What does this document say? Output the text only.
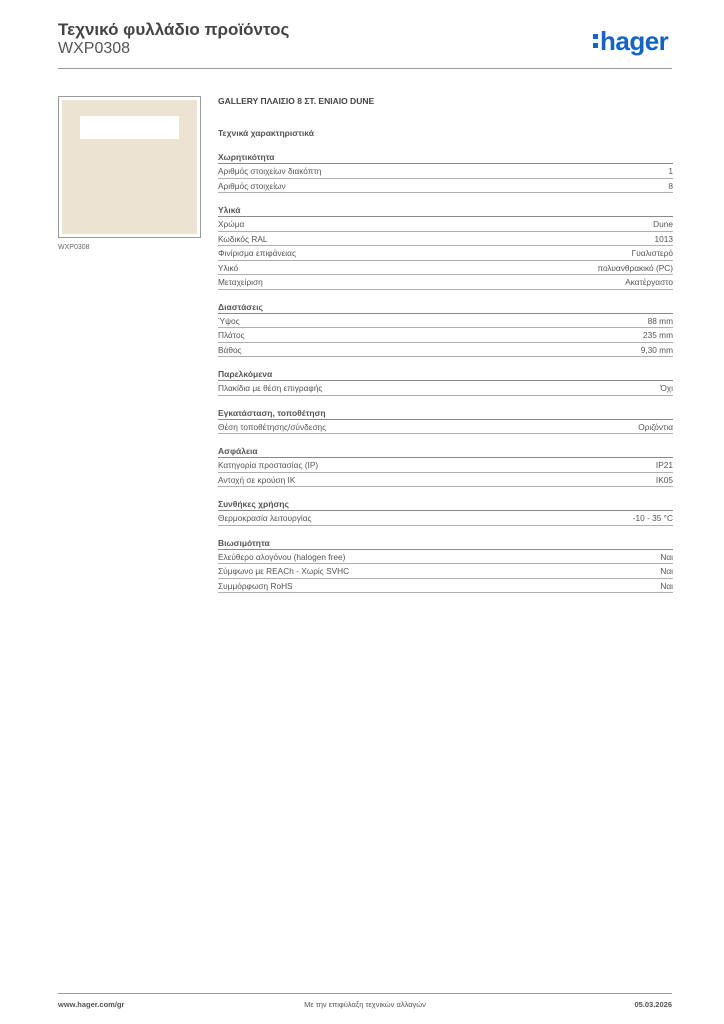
Τεχνικό φυλλάδιο προϊόντος
WXP0308	hager
WXP0308
GALLERY ΠΛΑΙΣΙΟ 8 ΣΤ. ΕΝΙΑΙΟ DUNE
Τεχνικά χαρακτηριστικά
Χωρητικότητα
Αριθμός στοιχείων διακόπτη	1
Αριθμός στοιχείων	8
Υλικά
Χρώμα	Dune
Κωδικός RAL	1013
Φινίρισμα επιφάνειας	Γυαλιστερό
Υλικό	πολυανθρακικό (PC)
Μεταχείριση	Ακατέργαστο
Διαστάσεις
Ύψος	88 mm
Πλάτος	235 mm
Βάθος	9,30 mm
Παρελκόμενα
Πλακίδια με θέση επιγραφής	Όχι
Εγκατάσταση, τοποθέτηση
Θέση τοποθέτησης/σύνδεσης	Οριζόντια
Ασφάλεια
Κατηγορία προστασίας (IP)	IP21
Αντοχή σε κρούση IK	IK05
Συνθήκες χρήσης
Θερμοκρασία λειτουργίας	-10 - 35 °C
Βιωσιμότητα
Ελεύθερο αλογόνου (halogen free)	Ναι
Σύμφωνο με REACh - Χωρίς SVHC	Ναι
Συμμόρφωση RoHS	Ναι
www.hager.com/gr	Με την επιφύλαξη τεχνικών αλλαγών	05.03.2026
